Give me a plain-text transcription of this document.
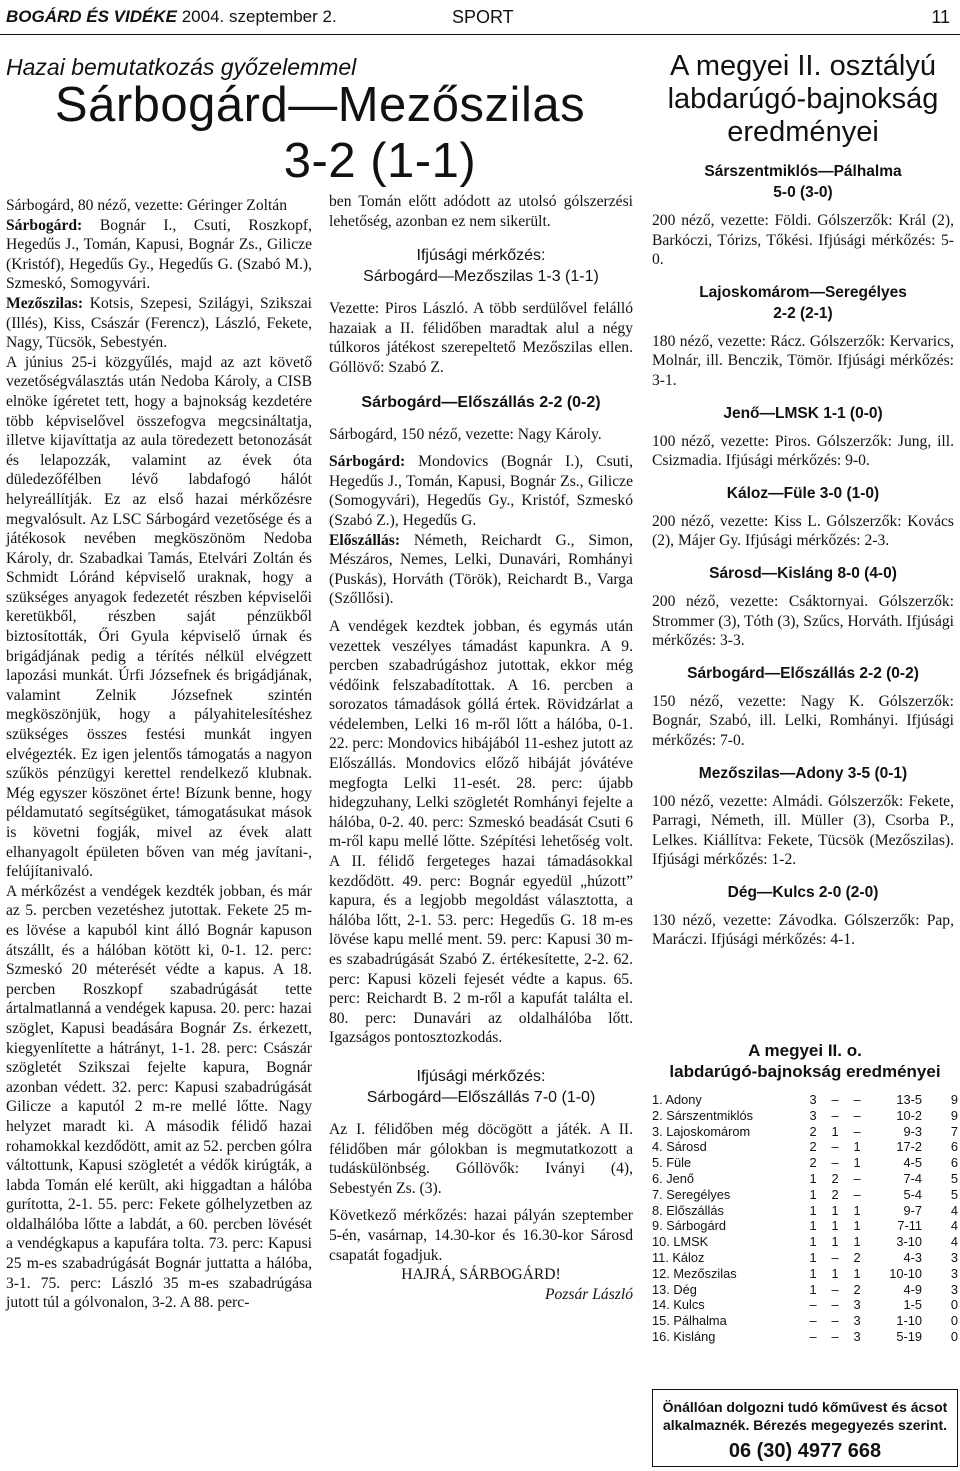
BOGÁRD ÉS VIDÉKE 2004. szeptember 2.	SPORT	11
Hazai bemutatkozás győzelemmel
Sárbogárd—Mezőszilas
3-2 (1-1)

Sárbogárd, 80 néző, vezette: Géringer Zoltán

Sárbogárd: Bognár I., Csuti, Roszkopf, Hegedűs J., Tomán, Kapusi, Bognár Zs., Gilicze (Kristóf), Hegedűs Gy., Hegedűs G. (Szabó M.), Szmeskó, Somogyvári.

Mezőszilas: Kotsis, Szepesi, Szilágyi, Szikszai (Illés), Kiss, Császár (Ferencz), László, Fekete, Nagy, Tücsök, Sebestyén.

A június 25-i közgyűlés, majd az azt követő vezetőségválasztás után Nedoba Károly, a CISB elnöke ígéretet tett, hogy a bajnokság kezdetére több képviselővel összefogva megcsináltatja, illetve kijavíttatja az aula töredezett betonozását és lelapozzák, valamint az évek óta düledezőfélben lévő labdafogó hálót helyreállítják. Ez az első hazai mérkőzésre megvalósult. Az LSC Sárbogárd vezetősége és a játékosok nevében megköszönöm Nedoba Károly, dr. Szabadkai Tamás, Etelvári Zoltán és Schmidt Lóránd képviselő uraknak, hogy a szükséges anyagok fedezetét részben képviselői keretükből, részben saját pénzükből biztosították, Őri Gyula képviselő úrnak és brigádjának pedig a térítés nélkül elvégzett lapozási munkát. Úrfi Józsefnek és brigádjának, valamint Zelnik Józsefnek szintén megköszönjük, hogy a pályahitelesítéshez szükséges összes festési munkát ingyen elvégezték. Ez igen jelentős támogatás a nagyon szűkös pénzügyi kerettel rendelkező klubnak. Még egyszer köszönet érte! Bízunk benne, hogy példamutató segítségüket, támogatásukat mások is követni fogják, mivel az évek alatt elhanyagolt épületen bőven van még javítani-, felújítanivaló.

A mérkőzést a vendégek kezdték jobban, és már az 5. percben vezetéshez jutottak. Fekete 25 m-es lövése a kapuból kint álló Bognár kapuson átszállt, és a hálóban kötött ki, 0-1. 12. perc: Szmeskó 20 méterését védte a kapus. A 18. percben Roszkopf szabadrúgását tette ártalmatlanná a vendégek kapusa. 20. perc: hazai szöglet, Kapusi beadására Bognár Zs. érkezett, kiegyenlítette a hátrányt, 1-1. 28. perc: Császár szögletét Szikszai fejelte kapura, Bognár azonban védett. 32. perc: Kapusi szabadrúgását Gilicze a kaputól 2 m-re mellé lőtte. Nagy helyzet maradt ki. A második félidő hazai rohamokkal kezdődött, amit az 52. percben gólra váltottunk, Kapusi szögletét a védők kirúgták, a labda Tomán elé került, aki higgadtan a hálóba gurította, 2-1. 55. perc: Fekete gólhelyzetben az oldalhálóba lőtte a labdát, a 60. percben lövését a vendégkapus a kapufára tolta. 73. perc: Kapusi 25 m-es szabadrúgását Bognár juttatta a hálóba, 3-1. 75. perc: László 35 m-es szabadrúgása jutott túl a gólvonalon, 3-2. A 88. perc-

ben Tomán előtt adódott az utolsó gólszerzési lehetőség, azonban ez nem sikerült.

Ifjúsági mérkőzés:
Sárbogárd—Mezőszilas 1-3 (1-1)

Vezette: Piros László. A több serdülővel felálló hazaiak a II. félidőben maradtak alul a négy túlkoros játékost szerepeltető Mezőszilas ellen. Góllövő: Szabó Z.

Sárbogárd—Előszállás 2-2 (0-2)

Sárbogárd, 150 néző, vezette: Nagy Károly.

Sárbogárd: Mondovics (Bognár I.), Csuti, Hegedűs J., Tomán, Kapusi, Bognár Zs., Gilicze (Somogyvári), Hegedűs Gy., Kristóf, Szmeskó (Szabó Z.), Hegedűs G.

Előszállás: Németh, Reichardt G., Simon, Mészáros, Nemes, Lelki, Dunavári, Romhányi (Puskás), Horváth (Török), Reichardt B., Varga (Szőllősi).

A vendégek kezdtek jobban, és egymás után vezettek veszélyes támadást kapunkra. A 9. percben szabadrúgáshoz jutottak, ekkor még védőink felszabadítottak. A 16. percben a sorozatos támadások góllá értek. Rövidzárlat a védelemben, Lelki 16 m-ről lőtt a hálóba, 0-1. 22. perc: Mondovics hibájából 11-eshez jutott az Előszállás. Mondovics előző hibáját jóvátéve megfogta Lelki 11-esét. 28. perc: újabb hidegzuhany, Lelki szögletét Romhányi fejelte a hálóba, 0-2. 40. perc: Szmeskó beadását Csuti 6 m-ről kapu mellé lőtte. Szépítési lehetőség volt. A II. félidő fergeteges hazai támadásokkal kezdődött. 49. perc: Bognár egyedül „húzott” kapura, és a legjobb megoldást választotta, a hálóba lőtt, 2-1. 53. perc: Hegedűs G. 18 m-es lövése kapu mellé ment. 59. perc: Kapusi 30 m-es szabadrúgását Szabó Z. értékesítette, 2-2. 62. perc: Kapusi közeli fejesét védte a kapus. 65. perc: Reichardt B. 2 m-ről a kapufát találta el. 80. perc: Dunavári az oldalhálóba lőtt. Igazságos pontosztozkodás.

Ifjúsági mérkőzés:
Sárbogárd—Előszállás 7-0 (1-0)

Az I. félidőben még döcögött a játék. A II. félidőben már gólokban is megmutatkozott a tudáskülönbség. Góllövők: Iványi (4), Sebestyén Zs. (3).

Következő mérkőzés: hazai pályán szeptember 5-én, vasárnap, 14.30-kor és 16.30-kor Sárosd csapatát fogadjuk.

HAJRÁ, SÁRBOGÁRD!

Pozsár László

A megyei II. osztályú
labdarúgó-bajnokság
eredményei
Sárszentmiklós—Pálhalma
5-0 (3-0)

200 néző, vezette: Földi. Gólszerzők: Král (2), Barkóczi, Tórizs, Tőkési. Ifjúsági mérkőzés: 5-0.

Lajoskomárom—Seregélyes
2-2 (2-1)

180 néző, vezette: Rácz. Gólszerzők: Kervarics, Molnár, ill. Benczik, Tömör. Ifjúsági mérkőzés: 3-1.

Jenő—LMSK 1-1 (0-0)

100 néző, vezette: Piros. Gólszerzők: Jung, ill. Csizmadia. Ifjúsági mérkőzés: 9-0.

Káloz—Füle 3-0 (1-0)

200 néző, vezette: Kiss L. Gólszerzők: Kovács (2), Májer Gy. Ifjúsági mérkőzés: 2-3.

Sárosd—Kisláng 8-0 (4-0)

200 néző, vezette: Csáktornyai. Gólszerzők: Strommer (3), Tóth (3), Szűcs, Horváth. Ifjúsági mérkőzés: 3-3.

Sárbogárd—Előszállás 2-2 (0-2)

150 néző, vezette: Nagy K. Gólszerzők: Bognár, Szabó, ill. Lelki, Romhányi. Ifjúsági mérkőzés: 7-0.

Mezőszilas—Adony 3-5 (0-1)

100 néző, vezette: Almádi. Gólszerzők: Fekete, Parragi, Németh, ill. Müller (3), Csorba P., Lelkes. Kiállítva: Fekete, Tücsök (Mezőszilas). Ifjúsági mérkőzés: 1-2.

Dég—Kulcs 2-0 (2-0)

130 néző, vezette: Závodka. Gólszerzők: Pap, Maráczi. Ifjúsági mérkőzés: 4-1.

A megyei II. o.
labdarúgó-bajnokság eredményei
1. Adony	3	–	–	13-5	9
2. Sárszentmiklós	3	–	–	10-2	9
3. Lajoskomárom	2	1	–	9-3	7
4. Sárosd	2	–	1	17-2	6
5. Füle	2	–	1	4-5	6
6. Jenő	1	2	–	7-4	5
7. Seregélyes	1	2	–	5-4	5
8. Előszállás	1	1	1	9-7	4
9. Sárbogárd	1	1	1	7-11	4
10. LMSK	1	1	1	3-10	4
11. Káloz	1	–	2	4-3	3
12. Mezőszilas	1	1	1	10-10	3
13. Dég	1	–	2	4-9	3
14. Kulcs	–	–	3	1-5	0
15. Pálhalma	–	–	3	1-10	0
16. Kisláng	–	–	3	5-19	0
Önállóan dolgozni tudó kőművest és ácsot
alkalmaznék. Bérezés megegyezés szerint.
06 (30) 4977 668
